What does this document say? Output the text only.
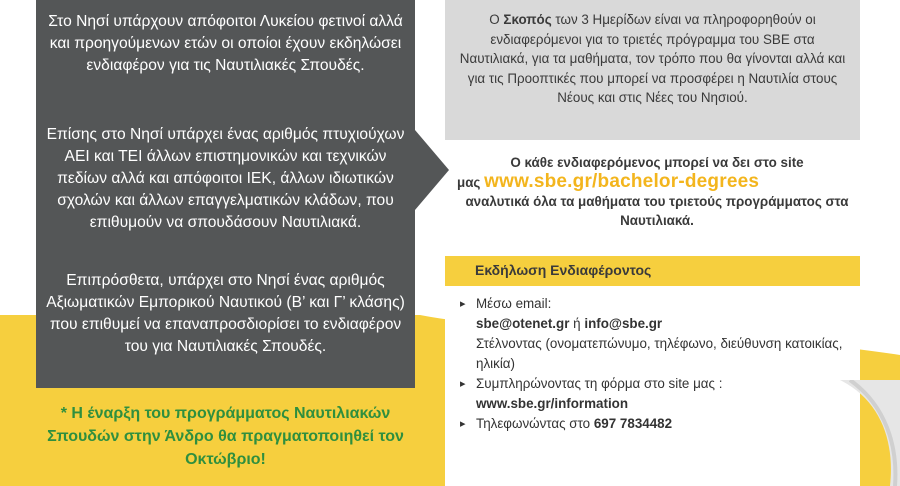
Στο Νησί υπάρχουν απόφοιτοι Λυκείου φετινοί αλλά και προηγούμενων ετών οι οποίοι έχουν εκδηλώσει ενδιαφέρον για τις Ναυτιλιακές Σπουδές.

Επίσης στο Νησί υπάρχει ένας αριθμός πτυχιούχων ΑΕΙ και ΤΕΙ άλλων επιστημονικών και τεχνικών πεδίων αλλά και απόφοιτοι ΙΕΚ, άλλων ιδιωτικών σχολών και άλλων επαγγελματικών κλάδων, που επιθυμούν να σπουδάσουν Ναυτιλιακά.

Επιπρόσθετα, υπάρχει στο Νησί ένας αριθμός Αξιωματικών Εμπορικού Ναυτικού (Β’ και Γ’ κλάσης) που επιθυμεί να επαναπροσδιορίσει το ενδιαφέρον του για Ναυτιλιακές Σπουδές.

* Η έναρξη του προγράμματος Ναυτιλιακών Σπουδών στην Άνδρο θα πραγματοποιηθεί τον Οκτώβριο!

Ο Σκοπός των 3 Ημερίδων είναι να πληροφορηθούν οι ενδιαφερόμενοι για το τριετές πρόγραμμα του SBE στα Ναυτιλιακά, για τα μαθήματα, τον τρόπο που θα γίνονται αλλά και για τις Προοπτικές που μπορεί να προσφέρει η Ναυτιλία στους Νέους και στις Νέες του Νησιού.

Ο κάθε ενδιαφερόμενος μπορεί να δει στο site
μας www.sbe.gr/bachelor-degrees
αναλυτικά όλα τα μαθήματα του τριετούς προγράμματος στα Ναυτιλιακά.
Εκδήλωση Ενδιαφέροντος
▸ Μέσω email:
sbe@otenet.gr ή info@sbe.gr
Στέλνοντας (ονοματεπώνυμο, τηλέφωνο, διεύθυνση κατοικίας, ηλικία)
▸ Συμπληρώνοντας τη φόρμα στο site μας :
www.sbe.gr/information
▸ Τηλεφωνώντας στο 697 7834482
